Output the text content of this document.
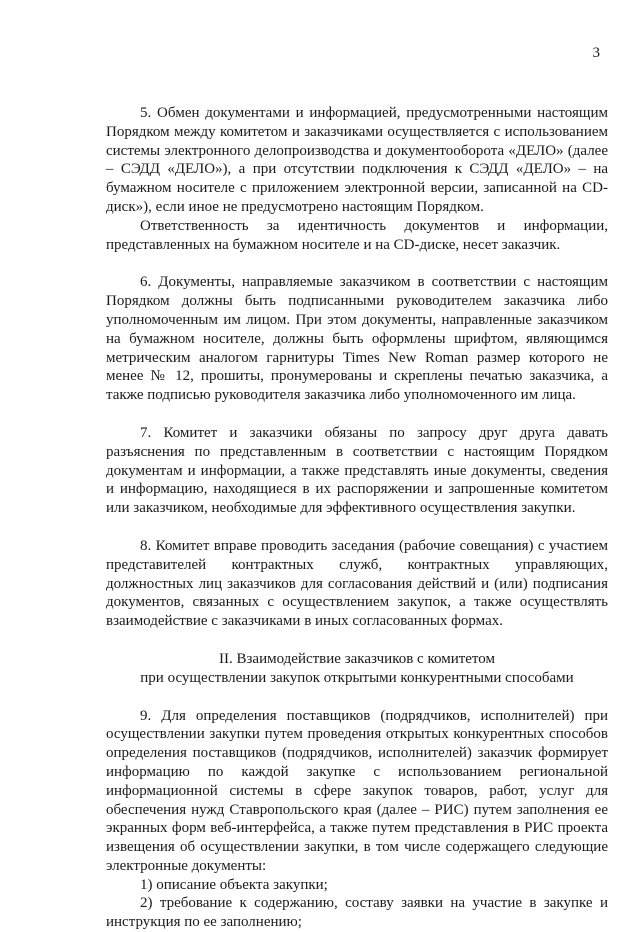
3

5. Обмен документами и информацией, предусмотренными настоящим Порядком между комитетом и заказчиками осуществляется с использованием системы электронного делопроизводства и документооборота «ДЕЛО» (далее – СЭДД «ДЕЛО»), а при отсутствии подключения к СЭДД «ДЕЛО» – на бумажном носителе с приложением электронной версии, записанной на CD-диск»), если иное не предусмотрено настоящим Порядком.

Ответственность за идентичность документов и информации, представленных на бумажном носителе и на CD-диске, несет заказчик.

6. Документы, направляемые заказчиком в соответствии с настоящим Порядком должны быть подписанными руководителем заказчика либо уполномоченным им лицом. При этом документы, направленные заказчиком на бумажном носителе, должны быть оформлены шрифтом, являющимся метрическим аналогом гарнитуры Times New Roman размер которого не менее № 12, прошиты, пронумерованы и скреплены печатью заказчика, а также подписью руководителя заказчика либо уполномоченного им лица.

7. Комитет и заказчики обязаны по запросу друг друга давать разъяснения по представленным в соответствии с настоящим Порядком документам и информации, а также представлять иные документы, сведения и информацию, находящиеся в их распоряжении и запрошенные комитетом или заказчиком, необходимые для эффективного осуществления закупки.

8. Комитет вправе проводить заседания (рабочие совещания) с участием представителей контрактных служб, контрактных управляющих, должностных лиц заказчиков для согласования действий и (или) подписания документов, связанных с осуществлением закупок, а также осуществлять взаимодействие с заказчиками в иных согласованных формах.

II. Взаимодействие заказчиков с комитетом
при осуществлении закупок открытыми конкурентными способами

9. Для определения поставщиков (подрядчиков, исполнителей) при осуществлении закупки путем проведения открытых конкурентных способов определения поставщиков (подрядчиков, исполнителей) заказчик формирует информацию по каждой закупке с использованием региональной информационной системы в сфере закупок товаров, работ, услуг для обеспечения нужд Ставропольского края (далее – РИС) путем заполнения ее экранных форм веб-интерфейса, а также путем представления в РИС проекта извещения об осуществлении закупки, в том числе содержащего следующие электронные документы:

1) описание объекта закупки;

2) требование к содержанию, составу заявки на участие в закупке и инструкция по ее заполнению;
